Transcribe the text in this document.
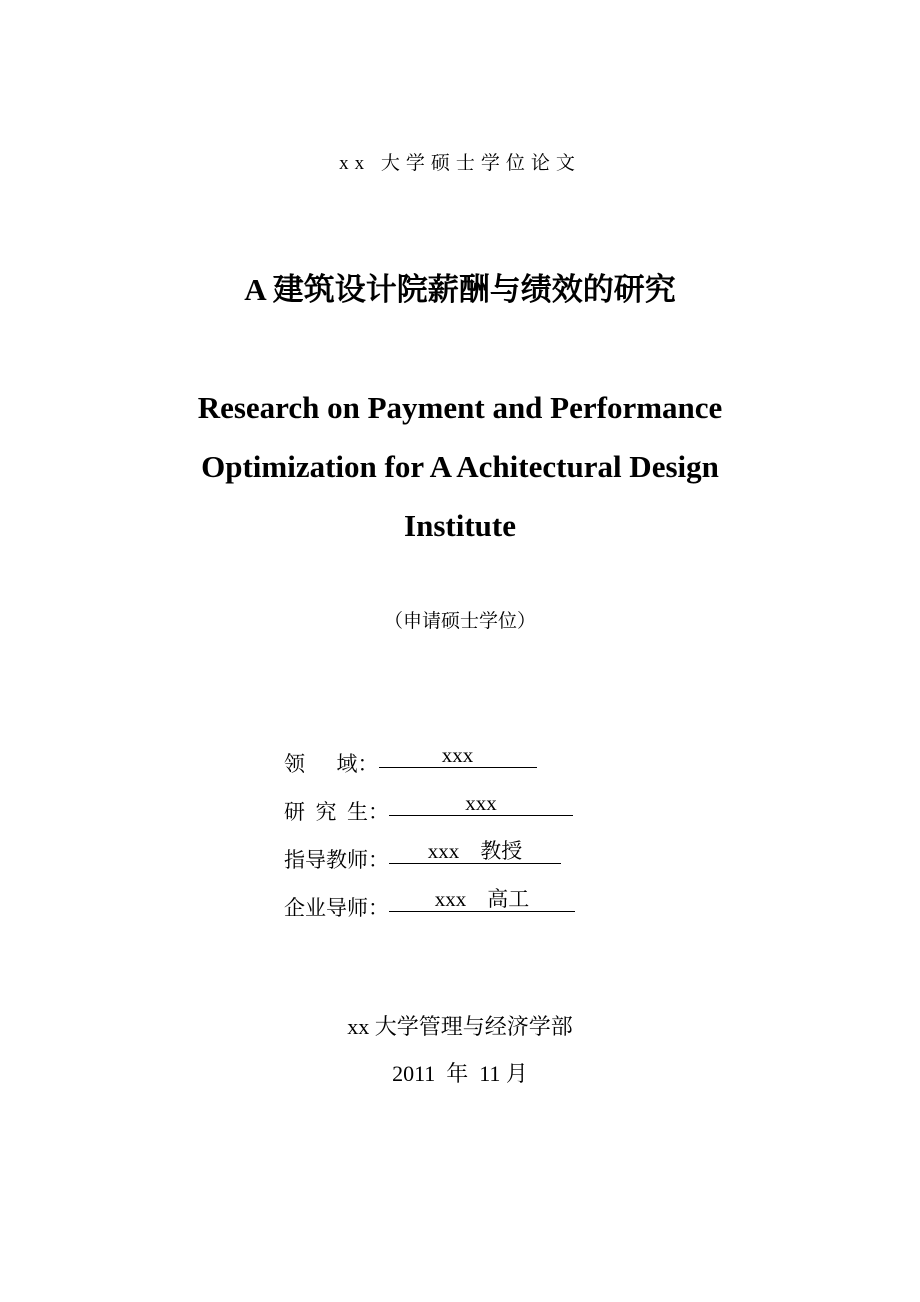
xx 大学硕士学位论文
A 建筑设计院薪酬与绩效的研究
Research on Payment and Performance
Optimization for A Achitectural Design
Institute
（申请硕士学位）
领      域：	xxx
研  究  生：	xxx
指导教师：	xxx    教授
企业导师：	xxx    高工
xx 大学管理与经济学部
2011  年  11 月
